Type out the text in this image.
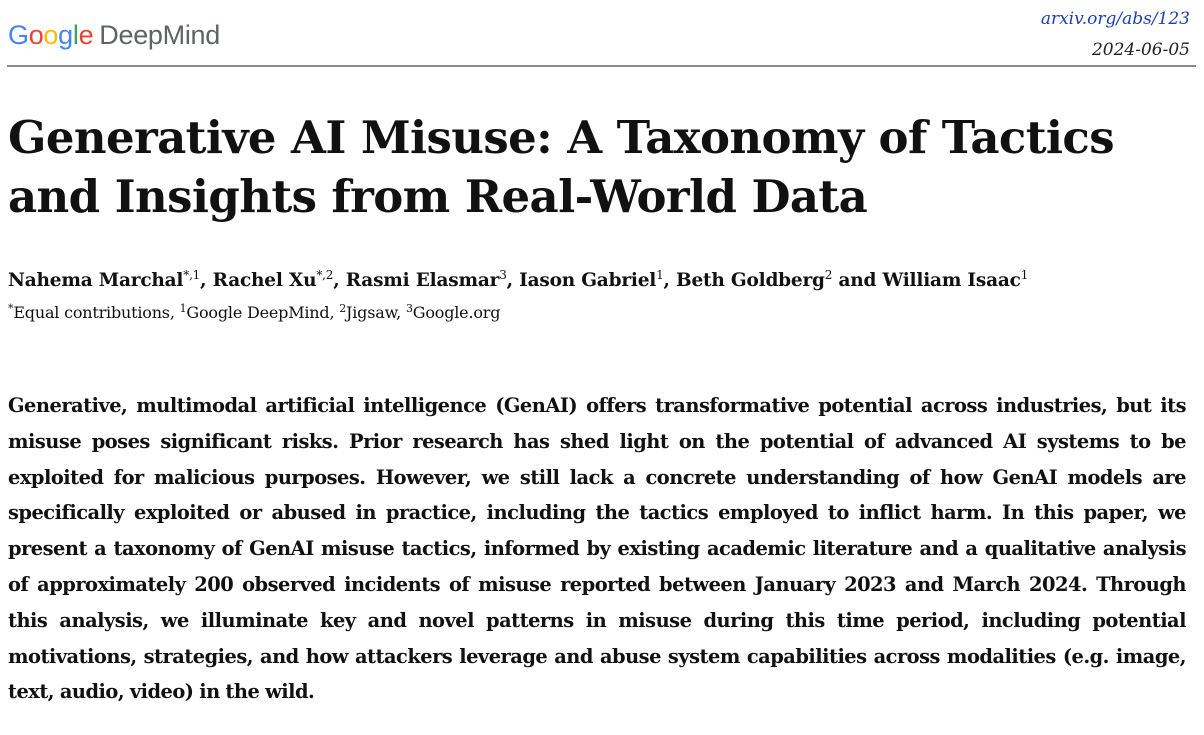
Google DeepMind
arxiv.org/abs/123
2024-06-05
Generative AI Misuse: A Taxonomy of Tactics and Insights from Real-World Data
Nahema Marchal$^{*,1}$, Rachel $Xu^{*,2}$, Rasmi Elasmar$^3$, Iason Gabriel$^1$, Beth Goldberg$^2$ and William Isaac$^1$
*Equal contributions, $^1$Google DeepMind, $^2$Jigsaw, $^3$Google.org

Generative, multimodal artificial intelligence (GenAI) offers transformative potential across industries, but its misuse poses significant risks. Prior research has shed light on the potential of advanced AI systems to be exploited for malicious purposes. However, we still lack a concrete understanding of how GenAI models are specifically exploited or abused in practice, including the tactics employed to inflict harm. In this paper, we present a taxonomy of GenAI misuse tactics, informed by existing academic literature and a qualitative analysis of approximately 200 observed incidents of misuse reported between January 2023 and March 2024. Through this analysis, we illuminate key and novel patterns in misuse during this time period, including potential motivations, strategies, and how attackers leverage and abuse system capabilities across modalities (e.g. image, text, audio, video) in the wild.
